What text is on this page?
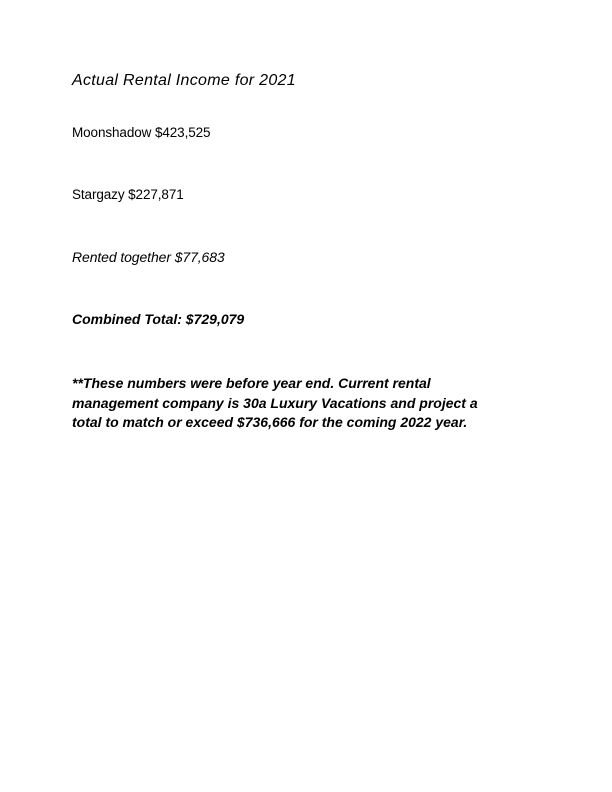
Actual Rental Income for 2021

Moonshadow $423,525

Stargazy $227,871

Rented together $77,683

Combined Total: $729,079

**These numbers were before year end. Current rental
management company is 30a Luxury Vacations and project a
total to match or exceed $736,666 for the coming 2022 year.
